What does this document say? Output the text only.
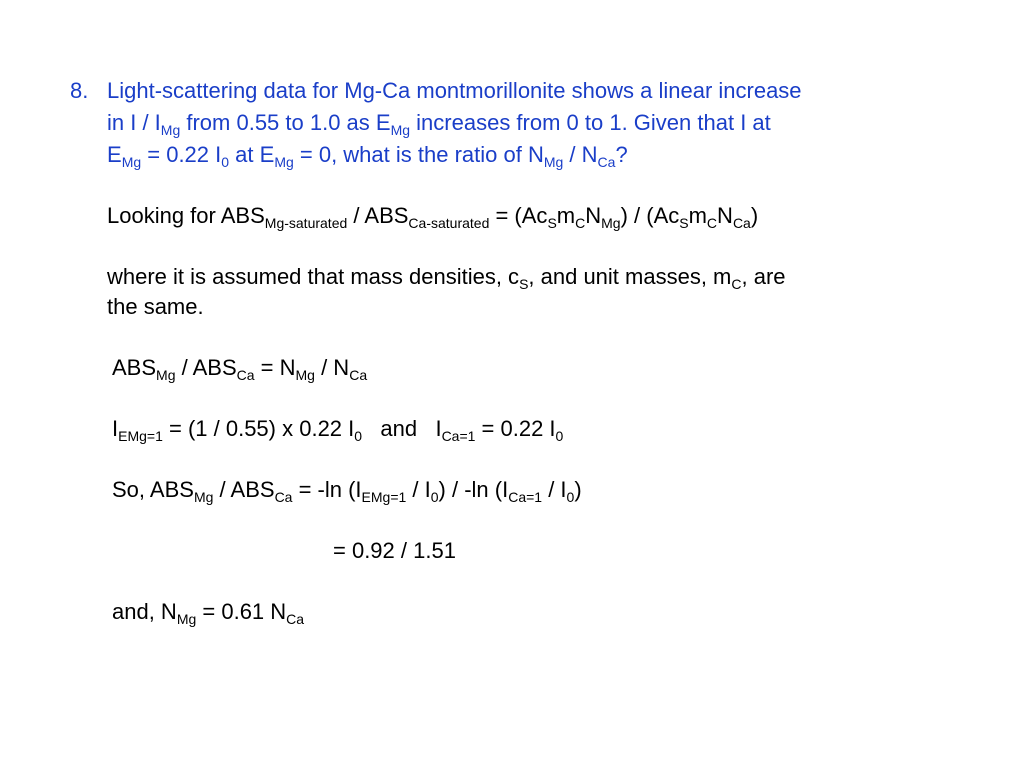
8. Light-scattering data for Mg-Ca montmorillonite shows a linear increase
in I / $I_{Mg}$ from 0.55 to 1.0 as $E_{Mg}$ increases from 0 to 1. Given that I at
$E_{Mg} = 0.22$ $I_0$ at $E_{Mg} = 0$, what is the ratio of $N_{Mg} / N_{Ca}$?
Looking for $ABS_{Mg-saturated} / ABS_{Ca-saturated} = (Ac_Sm_CN_{Mg}) / (Ac_Sm_CN_{Ca})$
where it is assumed that mass densities, $c_S$, and unit masses, $m_C$, are
the same.
$ABS_{Mg} / ABS_{Ca} = N_{Mg} / N_{Ca}$
$I_{EMg=1} = (1 / 0.55)$ x 0.22 $I_0$   and   $I_{Ca=1} = 0.22$ $I_0$
So, $ABS_{Mg} / ABS_{Ca} = -\ln$ $(I_{EMg=1} / I_0) / -\ln$ $(I_{Ca=1} / I_0)$
= 0.92 / 1.51
and, $N_{Mg} = 0.61$ $N_{Ca}$
